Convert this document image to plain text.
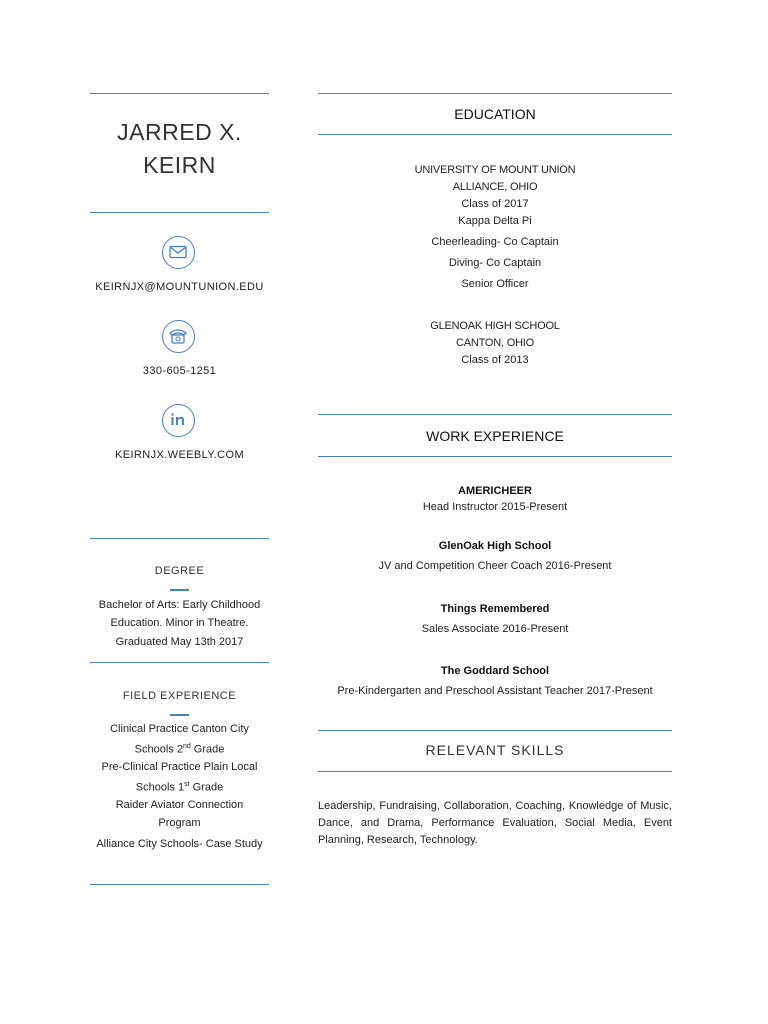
JARRED X.
KEIRN
KEIRNJX@MOUNTUNION.EDU
330-605-1251
KEIRNJX.WEEBLY.COM
DEGREE
Bachelor of Arts: Early Childhood
Education. Minor in Theatre.
Graduated May 13th 2017
FIELD EXPERIENCE
Clinical Practice Canton City
Schools 2nd Grade
Pre-Clinical Practice Plain Local
Schools 1st Grade
Raider Aviator Connection
Program
Alliance City Schools- Case Study
EDUCATION
UNIVERSITY OF MOUNT UNION
ALLIANCE, OHIO
Class of 2017
Kappa Delta Pi
Cheerleading- Co Captain
Diving- Co Captain
Senior Officer
GLENOAK HIGH SCHOOL
CANTON, OHIO
Class of 2013
WORK EXPERIENCE
AMERICHEER
Head Instructor 2015-Present
GlenOak High School
JV and Competition Cheer Coach 2016-Present
Things Remembered
Sales Associate 2016-Present
The Goddard School
Pre-Kindergarten and Preschool Assistant Teacher 2017-Present
RELEVANT SKILLS
Leadership, Fundraising, Collaboration, Coaching, Knowledge of Music, Dance, and Drama, Performance Evaluation, Social Media, Event Planning, Research, Technology.
